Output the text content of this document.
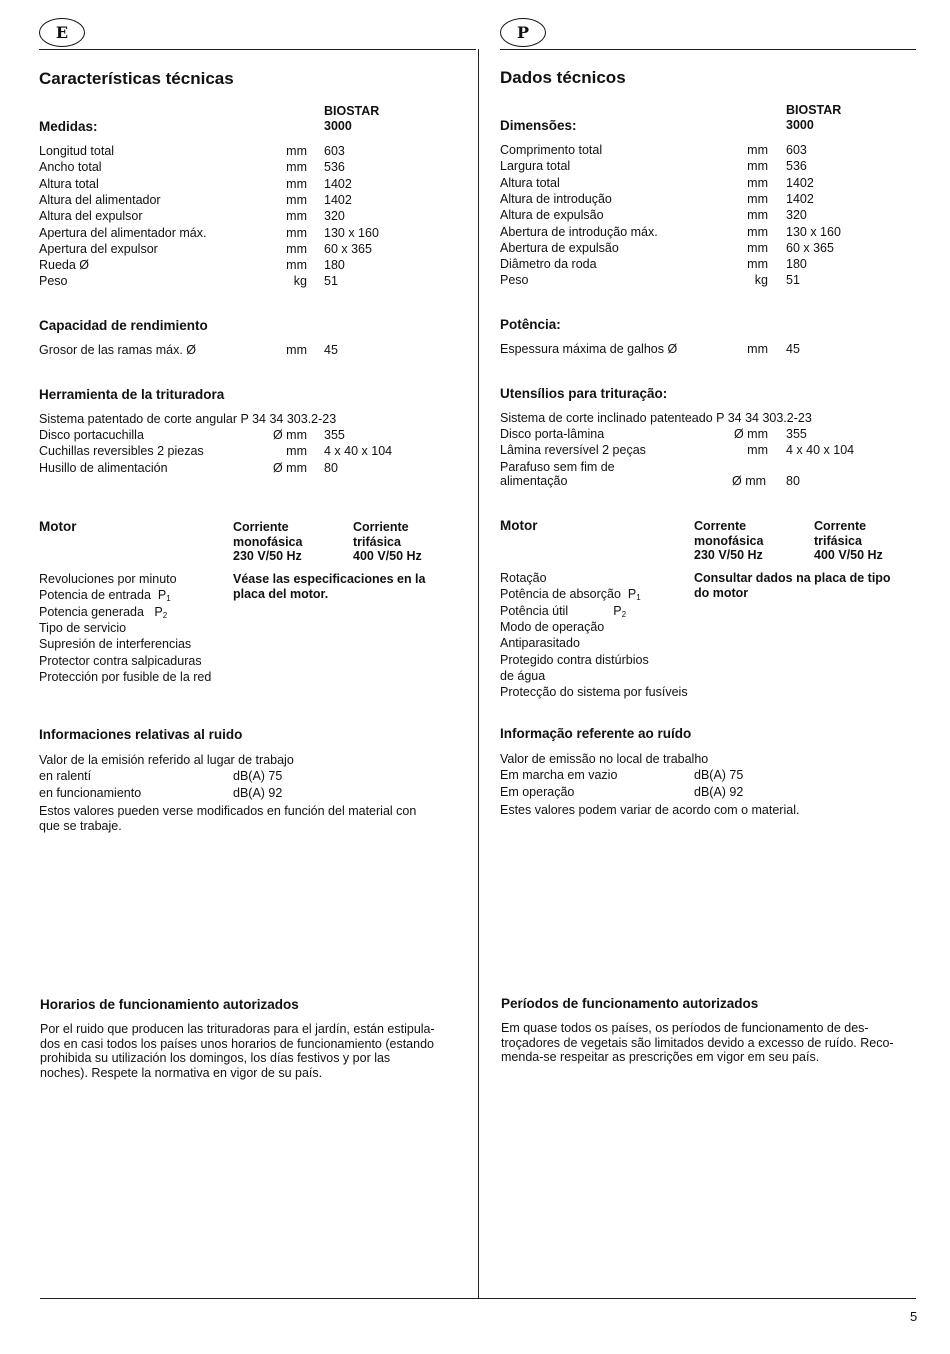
E	P
Características técnicas
BIOSTAR
3000
Medidas:
Longitud total	mm 603
Ancho total	mm 536
Altura total	mm 1402
Altura del alimentador	mm 1402
Altura del expulsor	mm 320
Apertura del alimentador máx.	mm 130 x 160
Apertura del expulsor	mm 60 x 365
Rueda Ø	mm 180
Peso	kg 51
Capacidad de rendimiento
Grosor de las ramas máx. Ø	mm 45
Herramienta de la trituradora
Sistema patentado de corte angular P 34 34 303.2-23
Disco portacuchilla	Ø mm 355
Cuchillas reversibles 2 piezas	mm 4 x 40 x 104
Husillo de alimentación	Ø mm 80
Motor	Corriente
monofásica
230 V/50 Hz
Corriente
trifásica
400 V/50 Hz
Véase las especificaciones en la
placa del motor.
Revoluciones por minuto
Potencia de entrada  $P_1$
Potencia generada   $P_2$
Tipo de servicio
Supresión de interferencias
Protector contra salpicaduras
Protección por fusible de la red
Informaciones relativas al ruido
Valor de la emisión referido al lugar de trabajo
en ralentí	dB(A) 75
en funcionamiento	dB(A) 92
Estos valores pueden verse modificados en función del material con
que se trabaje.
Horarios de funcionamiento autorizados
Por el ruido que producen las trituradoras para el jardín, están estipula-
dos en casi todos los países unos horarios de funcionamiento (estando
prohibida su utilización los domingos, los días festivos y por las
noches). Respete la normativa en vigor de su país.
Dados técnicos
BIOSTAR
3000
Dimensões:
Comprimento total	mm 603
Largura total	mm 536
Altura total	mm 1402
Altura de introdução	mm 1402
Altura de expulsão	mm 320
Abertura de introdução máx.	mm 130 x 160
Abertura de expulsão	mm 60 x 365
Diâmetro da roda	mm 180
Peso	kg 51
Potência:
Espessura máxima de galhos Ø	mm 45
Utensílios para trituração:
Sistema de corte inclinado patenteado P 34 34 303.2-23
Disco porta-lâmina	Ø mm 355
Lâmina reversível 2 peças	mm 4 x 40 x 104
Parafuso sem fim de
alimentação	Ø mm 80
Motor	Corrente
monofásica
230 V/50 Hz
Corrente
trifásica
400 V/50 Hz
Consultar dados na placa de tipo
do motor
Rotação
Potência de absorção  $P_1$
Potência útil             $P_2$
Modo de operação
Antiparasitado
Protegido contra distúrbios
de água
Protecção do sistema por fusíveis
Informação referente ao ruído
Valor de emissão no local de trabalho
Em marcha em vazio	dB(A) 75
Em operação	dB(A) 92
Estes valores podem variar de acordo com o material.
Períodos de funcionamento autorizados
Em quase todos os países, os períodos de funcionamento de des-
troçadores de vegetais são limitados devido a excesso de ruído. Reco-
menda-se respeitar as prescrições em vigor em seu país.
5
